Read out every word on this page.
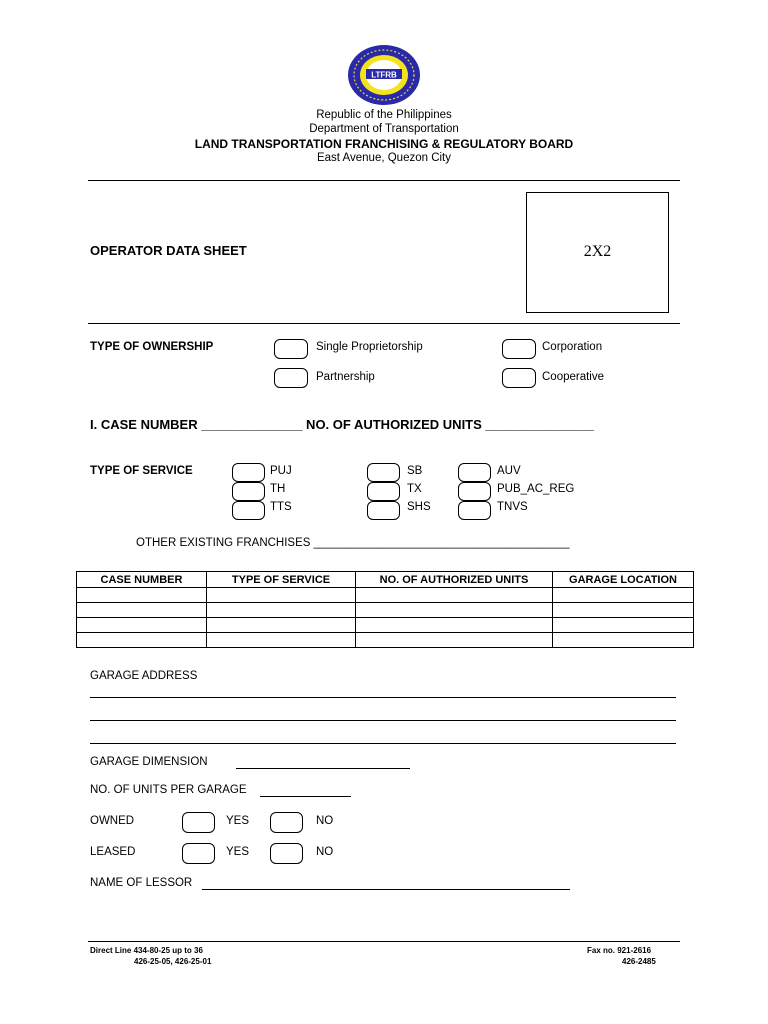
LTFRB
Republic of the Philippines
Department of Transportation
LAND TRANSPORTATION FRANCHISING & REGULATORY BOARD
East Avenue, Quezon City
OPERATOR DATA SHEET	2X2
TYPE OF OWNERSHIP	Single Proprietorship	Corporation
Partnership	Cooperative
I. CASE NUMBER ______________ NO. OF AUTHORIZED UNITS _______________
TYPE OF SERVICE	PUJ	SB	AUV
TH	TX	PUB_AC_REG
TTS	SHS	TNVS
OTHER EXISTING FRANCHISES ________________________________________
CASE NUMBER	TYPE OF SERVICE	NO. OF AUTHORIZED UNITS	GARAGE LOCATION

GARAGE ADDRESS
GARAGE DIMENSION
NO. OF UNITS PER GARAGE
OWNED	YES	NO
LEASED	YES	NO
NAME OF LESSOR
Direct Line 434-80-25 up to 36
426-25-05, 426-25-01
Fax no. 921-2616
426-2485
